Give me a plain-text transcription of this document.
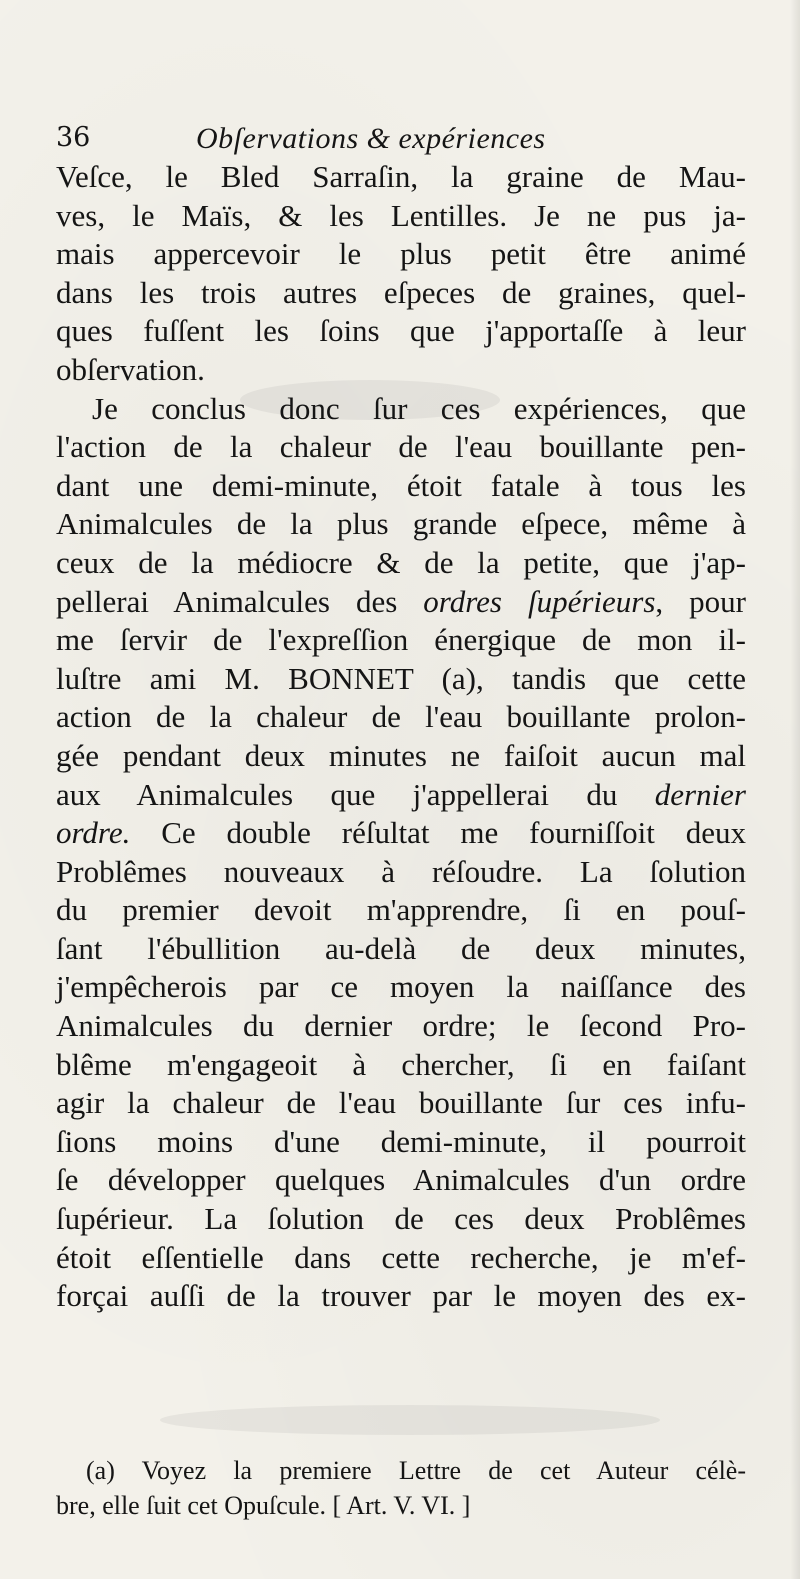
36	Obſervations & expériences
Veſce, le Bled Sarraſin, la graine de Mau-
ves, le Maïs, & les Lentilles. Je ne pus ja-
mais appercevoir le plus petit être animé
dans les trois autres eſpeces de graines, quel-
ques fuſſent les ſoins que j'apportaſſe à leur
obſervation.
Je conclus donc ſur ces expériences, que
l'action de la chaleur de l'eau bouillante pen-
dant une demi-minute, étoit fatale à tous les
Animalcules de la plus grande eſpece, même à
ceux de la médiocre & de la petite, que j'ap-
pellerai Animalcules des ordres ſupérieurs, pour
me ſervir de l'expreſſion énergique de mon il-
luſtre ami M. BONNET (a), tandis que cette
action de la chaleur de l'eau bouillante prolon-
gée pendant deux minutes ne faiſoit aucun mal
aux Animalcules que j'appellerai du dernier
ordre. Ce double réſultat me fourniſſoit deux
Problêmes nouveaux à réſoudre. La ſolution
du premier devoit m'apprendre, ſi en pouſ-
ſant l'ébullition au-delà de deux minutes,
j'empêcherois par ce moyen la naiſſance des
Animalcules du dernier ordre; le ſecond Pro-
blême m'engageoit à chercher, ſi en faiſant
agir la chaleur de l'eau bouillante ſur ces infu-
ſions moins d'une demi-minute, il pourroit
ſe développer quelques Animalcules d'un ordre
ſupérieur. La ſolution de ces deux Problêmes
étoit eſſentielle dans cette recherche, je m'ef-
forçai auſſi de la trouver par le moyen des ex-
(a) Voyez la premiere Lettre de cet Auteur célè-
bre, elle ſuit cet Opuſcule. [ Art. V. VI. ]
